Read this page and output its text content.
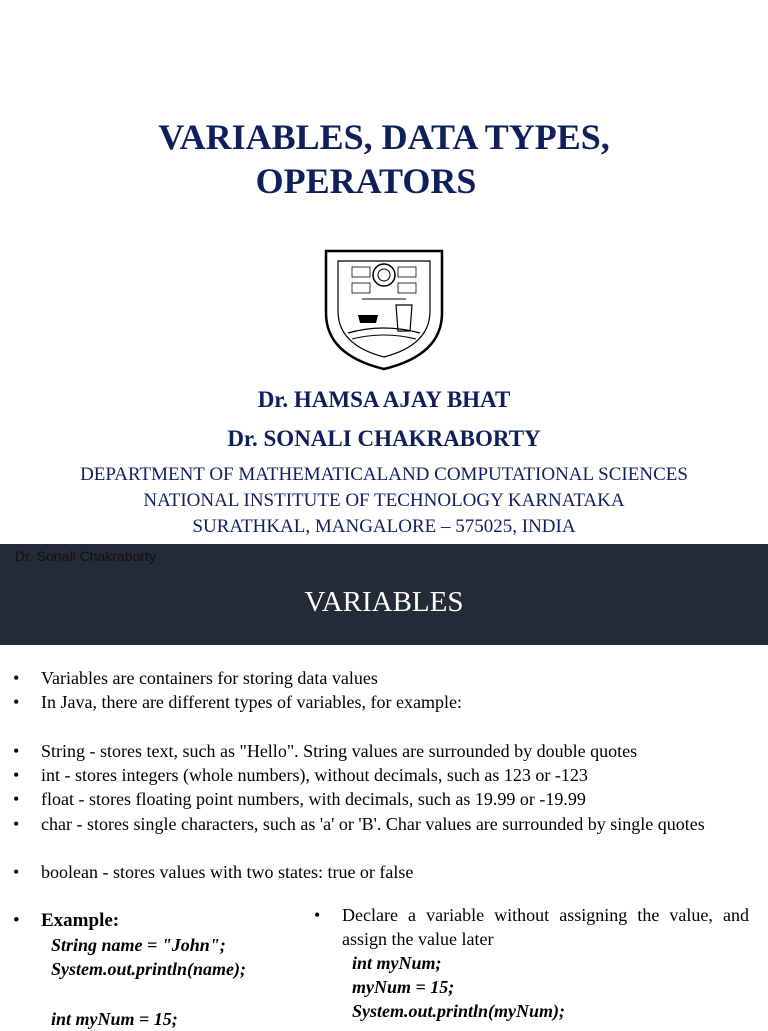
VARIABLES, DATA TYPES,
OPERATORS
Dr. HAMSA AJAY BHAT
Dr. SONALI CHAKRABORTY
DEPARTMENT OF MATHEMATICALAND COMPUTATIONAL SCIENCES
NATIONAL INSTITUTE OF TECHNOLOGY KARNATAKA
SURATHKAL, MANGALORE – 575025, INDIA
Dr. Sonali Chakraborty
VARIABLES
• Variables are containers for storing data values
• In Java, there are different types of variables, for example:
• String - stores text, such as "Hello". String values are surrounded by double quotes
• int - stores integers (whole numbers), without decimals, such as 123 or -123
• float - stores floating point numbers, with decimals, such as 19.99 or -19.99
• char - stores single characters, such as 'a' or 'B'. Char values are surrounded by single quotes
• boolean - stores values with two states: true or false
• Example:
String name = "John";
System.out.println(name);
int myNum = 15;
• Declare a variable without assigning the value, and assign the value later
int myNum;
myNum = 15;
System.out.println(myNum);
